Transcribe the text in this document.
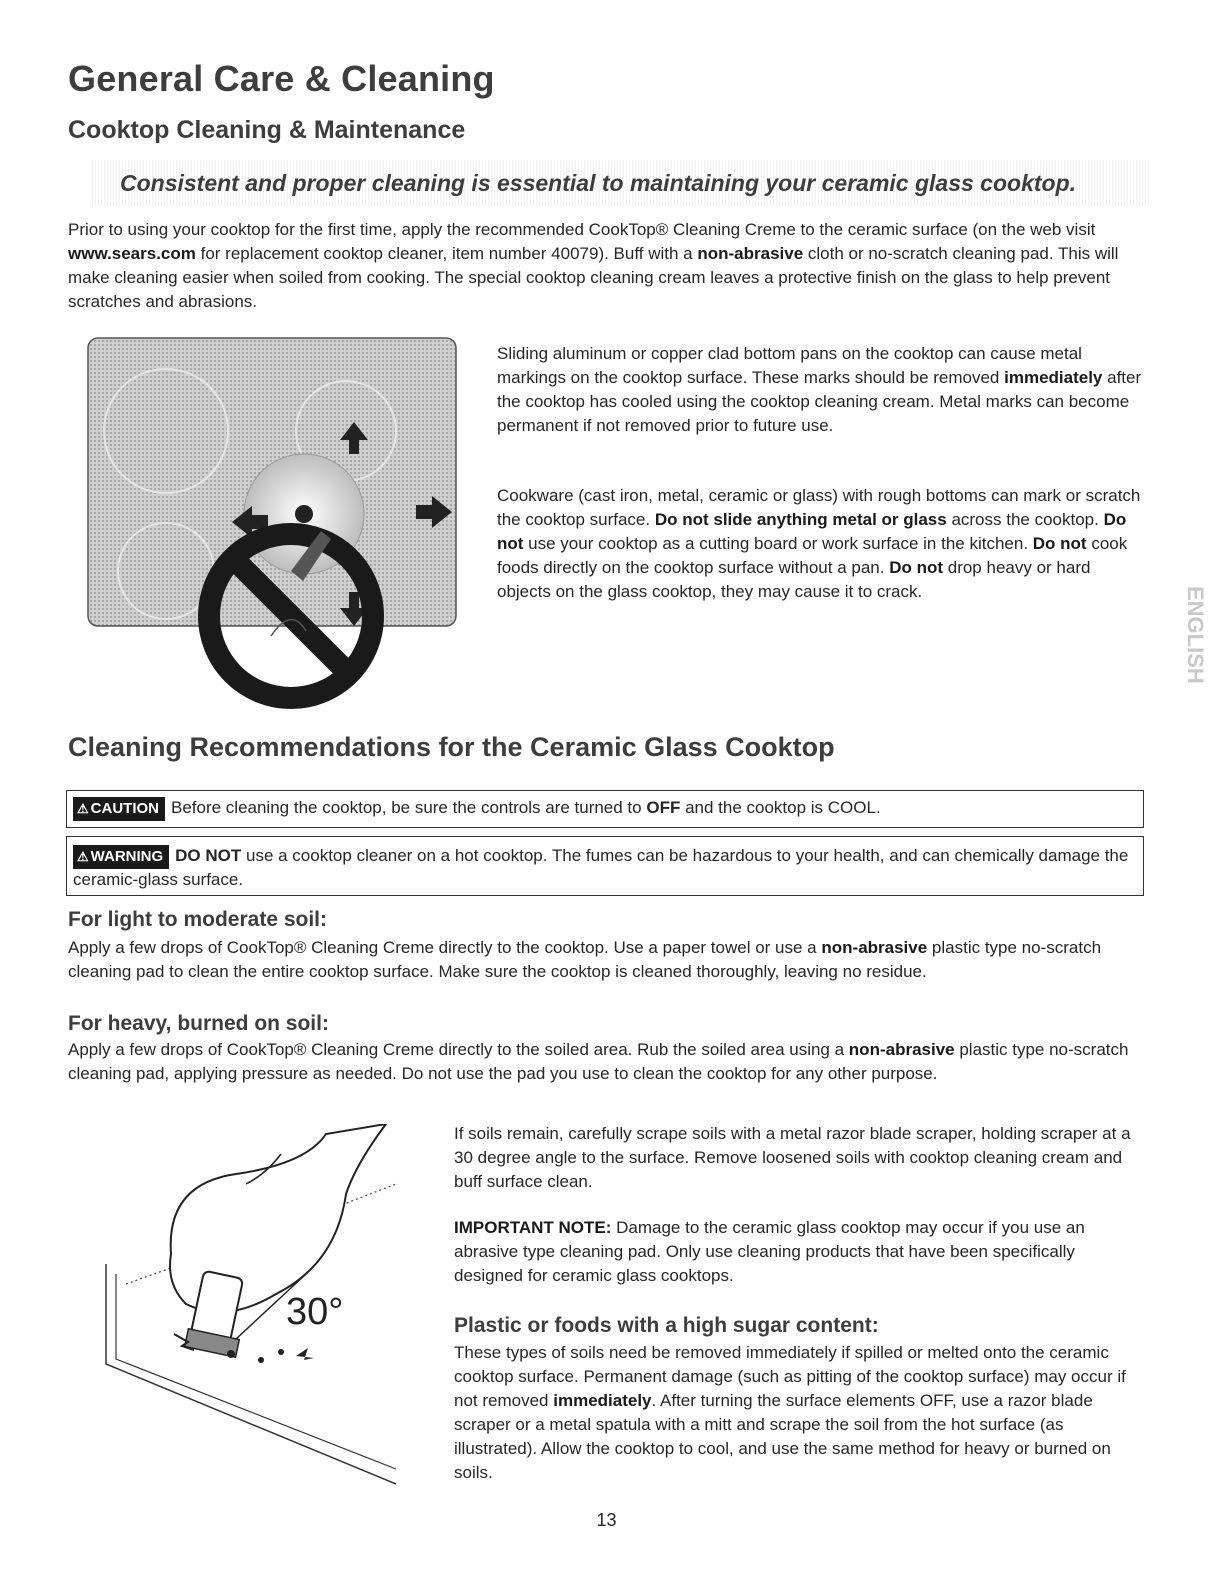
General Care & Cleaning
Cooktop Cleaning & Maintenance

Consistent and proper cleaning is essential to maintaining your ceramic glass cooktop.

Prior to using your cooktop for the first time, apply the recommended CookTop® Cleaning Creme to the ceramic surface (on the web visit www.sears.com for replacement cooktop cleaner, item number 40079). Buff with a non-abrasive cloth or no-scratch cleaning pad. This will make cleaning easier when soiled from cooking. The special cooktop cleaning cream leaves a protective finish on the glass to help prevent scratches and abrasions.

Sliding aluminum or copper clad bottom pans on the cooktop can cause metal markings on the cooktop surface. These marks should be removed immediately after the cooktop has cooled using the cooktop cleaning cream. Metal marks can become permanent if not removed prior to future use.

Cookware (cast iron, metal, ceramic or glass) with rough bottoms can mark or scratch the cooktop surface. Do not slide anything metal or glass across the cooktop. Do not use your cooktop as a cutting board or work surface in the kitchen. Do not cook foods directly on the cooktop surface without a pan. Do not drop heavy or hard objects on the glass cooktop, they may cause it to crack.	ENGLISH
Cleaning Recommendations for the Ceramic Glass Cooktop
⚠ CAUTION Before cleaning the cooktop, be sure the controls are turned to OFF and the cooktop is COOL.
⚠ WARNING DO NOT use a cooktop cleaner on a hot cooktop. The fumes can be hazardous to your health, and can chemically damage the ceramic-glass surface.
For light to moderate soil:

Apply a few drops of CookTop® Cleaning Creme directly to the cooktop. Use a paper towel or use a non-abrasive plastic type no-scratch cleaning pad to clean the entire cooktop surface. Make sure the cooktop is cleaned thoroughly, leaving no residue.

For heavy, burned on soil:

Apply a few drops of CookTop® Cleaning Creme directly to the soiled area. Rub the soiled area using a non-abrasive plastic type no-scratch cleaning pad, applying pressure as needed. Do not use the pad you use to clean the cooktop for any other purpose.

30°

If soils remain, carefully scrape soils with a metal razor blade scraper, holding scraper at a 30 degree angle to the surface. Remove loosened soils with cooktop cleaning cream and buff surface clean.

IMPORTANT NOTE: Damage to the ceramic glass cooktop may occur if you use an abrasive type cleaning pad. Only use cleaning products that have been specifically designed for ceramic glass cooktops.

Plastic or foods with a high sugar content:

These types of soils need be removed immediately if spilled or melted onto the ceramic cooktop surface. Permanent damage (such as pitting of the cooktop surface) may occur if not removed immediately. After turning the surface elements OFF, use a razor blade scraper or a metal spatula with a mitt and scrape the soil from the hot surface (as illustrated). Allow the cooktop to cool, and use the same method for heavy or burned on soils.

13
